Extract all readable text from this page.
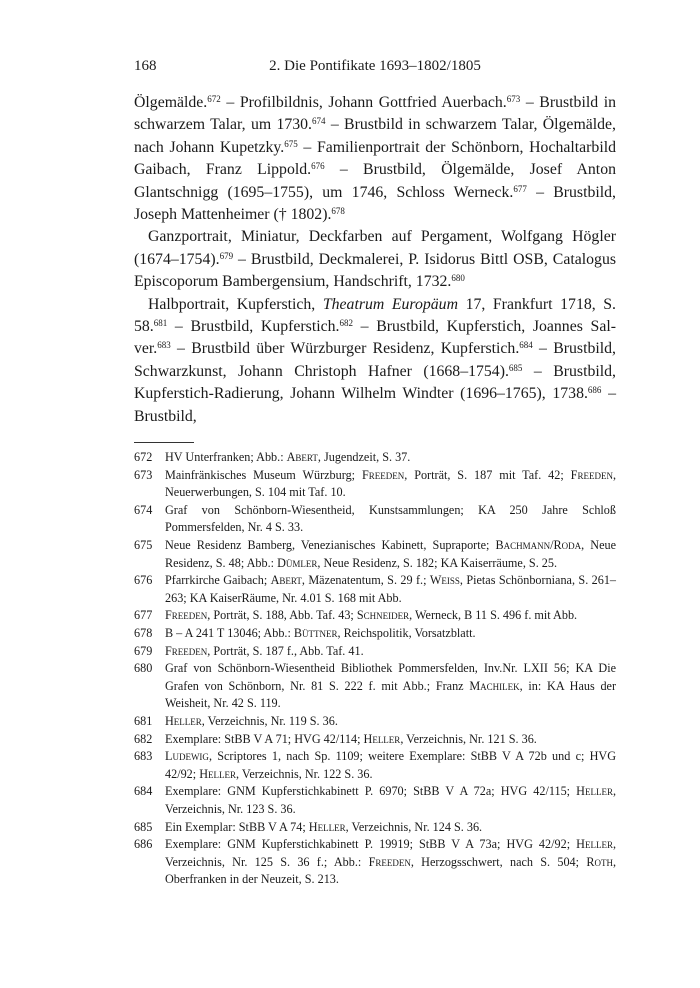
168	2. Die Pontifikate 1693–1802/1805

Ölgemälde.$^{672}$ – Profilbildnis, Johann Gottfried Auerbach.$^{673}$ – Brustbild in schwarzem Talar, um 1730.$^{674}$ – Brustbild in schwarzem Talar, Ölgemälde, nach Johann Kupetzky.$^{675}$ – Familienportrait der Schönborn, Hochaltarbild Gaibach, Franz Lippold.$^{676}$ – Brustbild, Ölgemälde, Josef Anton Glantschnigg (1695–1755), um 1746, Schloss Werneck.$^{677}$ – Brustbild, Joseph Mattenheimer († 1802).$^{678}$

Ganzportrait, Miniatur, Deckfarben auf Pergament, Wolfgang Högler (1674–1754).$^{679}$ – Brustbild, Deckmalerei, P. Isidorus Bittl OSB, Catalogus Episcoporum Bambergensium, Handschrift, 1732.$^{680}$

Halbportrait, Kupferstich, Theatrum Europäum 17, Frankfurt 1718, S. 58.$^{681}$ – Brustbild, Kupferstich.$^{682}$ – Brustbild, Kupferstich, Joannes Salver.$^{683}$ – Brustbild über Würzburger Residenz, Kupferstich.$^{684}$ – Brustbild, Schwarzkunst, Johann Christoph Hafner (1668–1754).$^{685}$ – Brustbild, Kupferstich-Radierung, Johann Wilhelm Windter (1696–1765), 1738.$^{686}$ – Brustbild,

672	HV Unterfranken; Abb.: Abert, Jugendzeit, S. 37.
673	Mainfränkisches Museum Würzburg; Freeden, Porträt, S. 187 mit Taf. 42; Freeden, Neuerwerbungen, S. 104 mit Taf. 10.
674	Graf von Schönborn-Wiesentheid, Kunstsammlungen; KA 250 Jahre Schloß Pommersfelden, Nr. 4 S. 33.
675	Neue Residenz Bamberg, Venezianisches Kabinett, Supraporte; Bachmann/Roda, Neue Residenz, S. 48; Abb.: Dümler, Neue Residenz, S. 182; KA Kaiserräume, S. 25.
676	Pfarrkirche Gaibach; Abert, Mäzenatentum, S. 29 f.; Weiss, Pietas Schönborniana, S. 261–263; KA KaiserRäume, Nr. 4.01 S. 168 mit Abb.
677	Freeden, Porträt, S. 188, Abb. Taf. 43; Schneider, Werneck, B 11 S. 496 f. mit Abb.
678	B – A 241 T 13046; Abb.: Büttner, Reichspolitik, Vorsatzblatt.
679	Freeden, Porträt, S. 187 f., Abb. Taf. 41.
680	Graf von Schönborn-Wiesentheid Bibliothek Pommersfelden, Inv.Nr. LXII 56; KA Die Grafen von Schönborn, Nr. 81 S. 222 f. mit Abb.; Franz Machilek, in: KA Haus der Weisheit, Nr. 42 S. 119.
681	Heller, Verzeichnis, Nr. 119 S. 36.
682	Exemplare: StBB V A 71; HVG 42/114; Heller, Verzeichnis, Nr. 121 S. 36.
683	Ludewig, Scriptores 1, nach Sp. 1109; weitere Exemplare: StBB V A 72b und c; HVG 42/92; Heller, Verzeichnis, Nr. 122 S. 36.
684	Exemplare: GNM Kupferstichkabinett P. 6970; StBB V A 72a; HVG 42/115; Heller, Verzeichnis, Nr. 123 S. 36.
685	Ein Exemplar: StBB V A 74; Heller, Verzeichnis, Nr. 124 S. 36.
686	Exemplare: GNM Kupferstichkabinett P. 19919; StBB V A 73a; HVG 42/92; Heller, Verzeichnis, Nr. 125 S. 36 f.; Abb.: Freeden, Herzogsschwert, nach S. 504; Roth, Oberfranken in der Neuzeit, S. 213.
